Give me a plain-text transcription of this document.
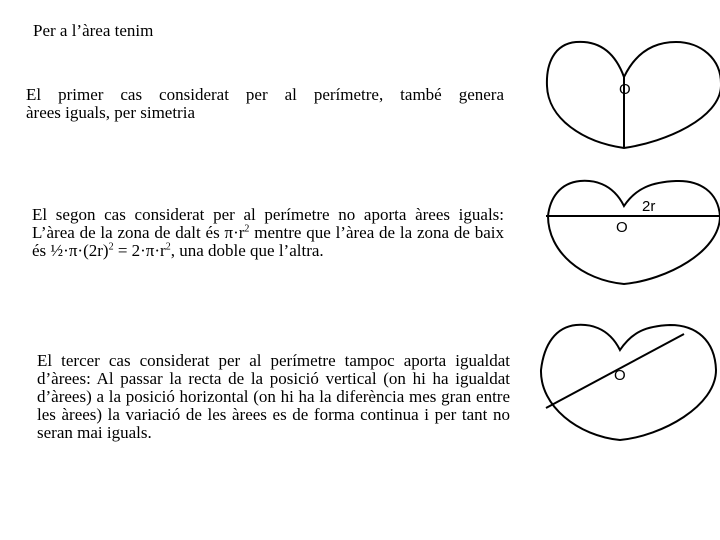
Per a l’àrea tenim
El primer cas considerat per al perímetre, també genera
àrees iguals, per simetria
El segon cas considerat per al perímetre no aporta àrees iguals: L’àrea de la zona de dalt és $\pi\cdot r^2$ mentre que l’àrea de la zona de baix és $\frac{1}{2}\cdot\pi\cdot(2r)^2 = 2\cdot\pi\cdot r^2$, una doble que l’altra.
El tercer cas considerat per al perímetre tampoc aporta igualdat d’àrees: Al passar la recta de la posició vertical (on hi ha igualdat d’àrees) a la posició horizontal (on hi ha la diferència mes gran entre les àrees) la variació de les àrees es de forma continua i per tant no seran mai iguals.
O
2r
O
O
